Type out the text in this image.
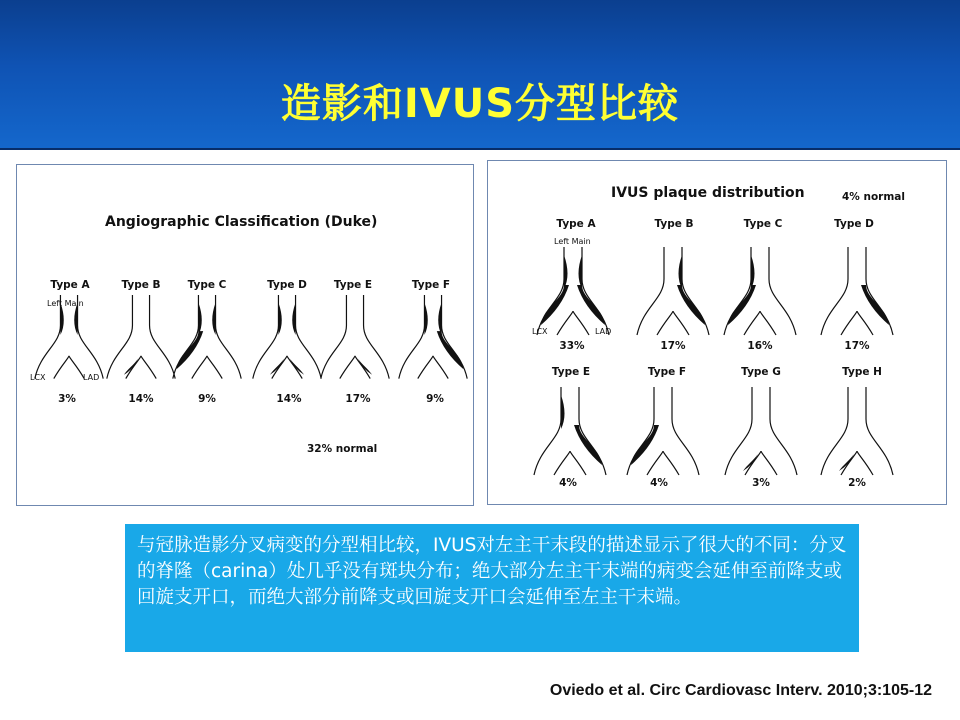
造影和IVUS分型比较
Angiographic Classification (Duke)
Type A	Type B	Type C	Type D	Type E	Type F
Left Main
LCX	LAD
3%	14%	9%	14%	17%	9%
32% normal
IVUS plaque distribution	4% normal
Type A	Type B	Type C	Type D
Left Main
LCX	LAD
33%	17%	16%	17%
Type E	Type F	Type G	Type H
4%	4%	3%	2%
与冠脉造影分叉病变的分型相比较，IVUS对左主干末段的描述显示了很大的不同：分叉的脊隆（carina）处几乎没有斑块分布；绝大部分左主干末端的病变会延伸至前降支或回旋支开口，而绝大部分前降支或回旋支开口会延伸至左主干末端。
Oviedo et al. Circ Cardiovasc Interv. 2010;3:105-12
